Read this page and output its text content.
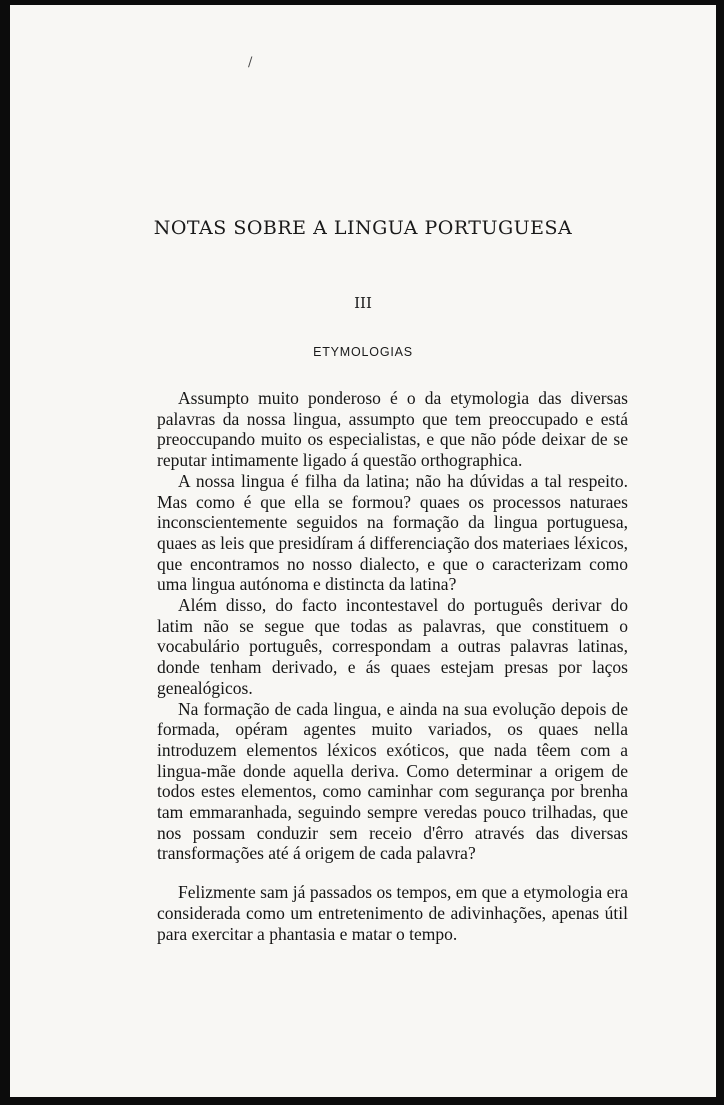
/
NOTAS SOBRE A LINGUA PORTUGUESA
III
ETYMOLOGIAS

Assumpto muito ponderoso é o da etymologia das diversas palavras da nossa lingua, assumpto que tem preoccupado e está preoccupando muito os especialistas, e que não póde deixar de se reputar intimamente ligado á questão orthographica.

A nossa lingua é filha da latina; não ha dúvidas a tal respeito. Mas como é que ella se formou? quaes os processos naturaes inconscientemente seguidos na formação da lingua portuguesa, quaes as leis que presidíram á differenciação dos materiaes léxicos, que encontramos no nosso dialecto, e que o caracterizam como uma lingua autónoma e distincta da latina?

Além disso, do facto incontestavel do português derivar do latim não se segue que todas as palavras, que constituem o vocabulário português, correspondam a outras palavras latinas, donde tenham derivado, e ás quaes estejam presas por laços genealógicos.

Na formação de cada lingua, e ainda na sua evolução depois de formada, opéram agentes muito variados, os quaes nella introduzem elementos léxicos exóticos, que nada têem com a lingua-mãe donde aquella deriva. Como determinar a origem de todos estes elementos, como caminhar com segurança por brenha tam emmaranhada, seguindo sempre veredas pouco trilhadas, que nos possam conduzir sem receio d'êrro através das diversas transformações até á origem de cada palavra?

Felizmente sam já passados os tempos, em que a etymologia era considerada como um entretenimento de adivinhações, apenas útil para exercitar a phantasia e matar o tempo.
